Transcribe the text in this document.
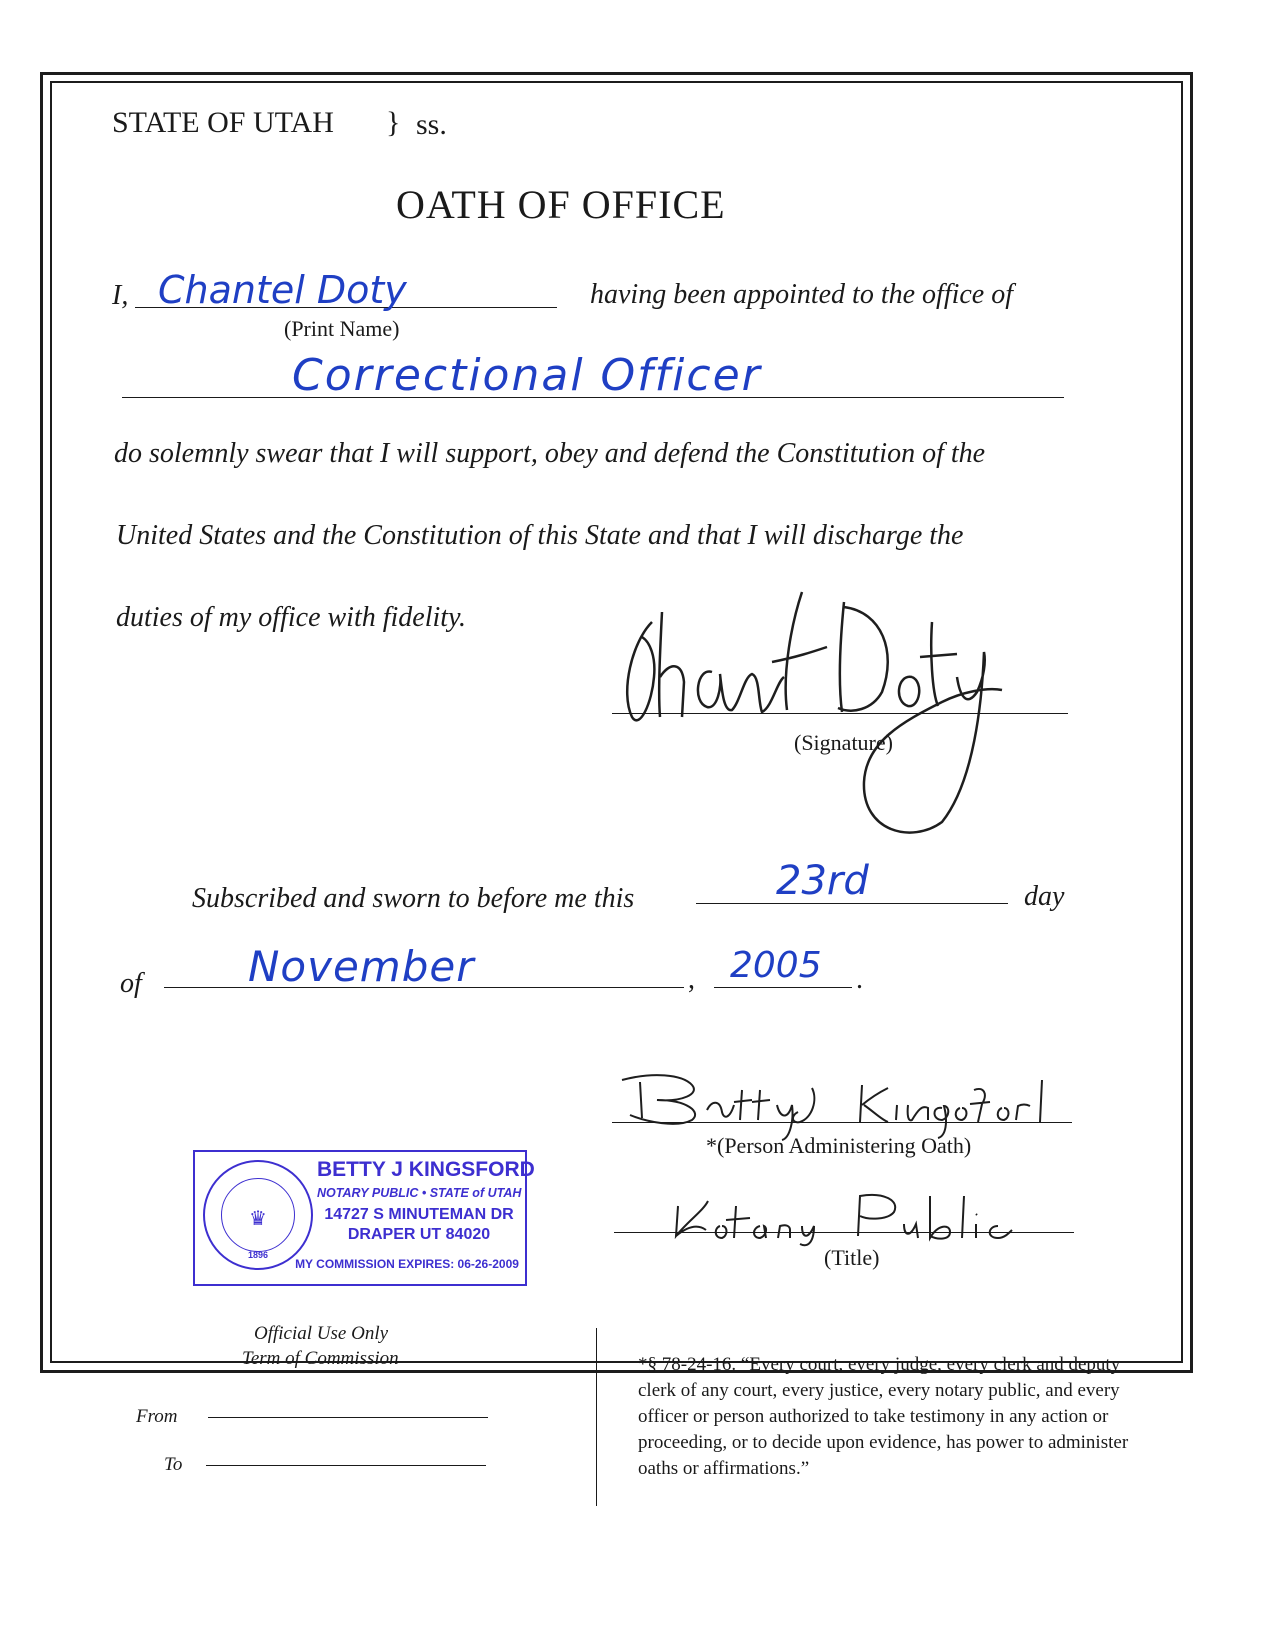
STATE OF UTAH } ss.
OATH OF OFFICE
I, Chantel Doty
(Print Name)
having been appointed to the office of
Correctional Officer
do solemnly swear that I will support, obey and defend the Constitution of the
United States and the Constitution of this State and that I will discharge the
duties of my office with fidelity.
(Signature)
Subscribed and sworn to before me this	23rd	day
of	November	, 2005 .
♛
1896
BETTY J KINGSFORD
NOTARY PUBLIC • STATE of UTAH
14727 S MINUTEMAN DR
DRAPER UT 84020
MY COMMISSION EXPIRES: 06-26-2009
*(Person Administering Oath)
(Title)
Official Use Only
Term of Commission
From
To
*§ 78-24-16. “Every court, every judge, every clerk and deputy clerk of any court, every justice, every notary public, and every officer or person authorized to take testimony in any action or proceeding, or to decide upon evidence, has power to administer oaths or affirmations.”
